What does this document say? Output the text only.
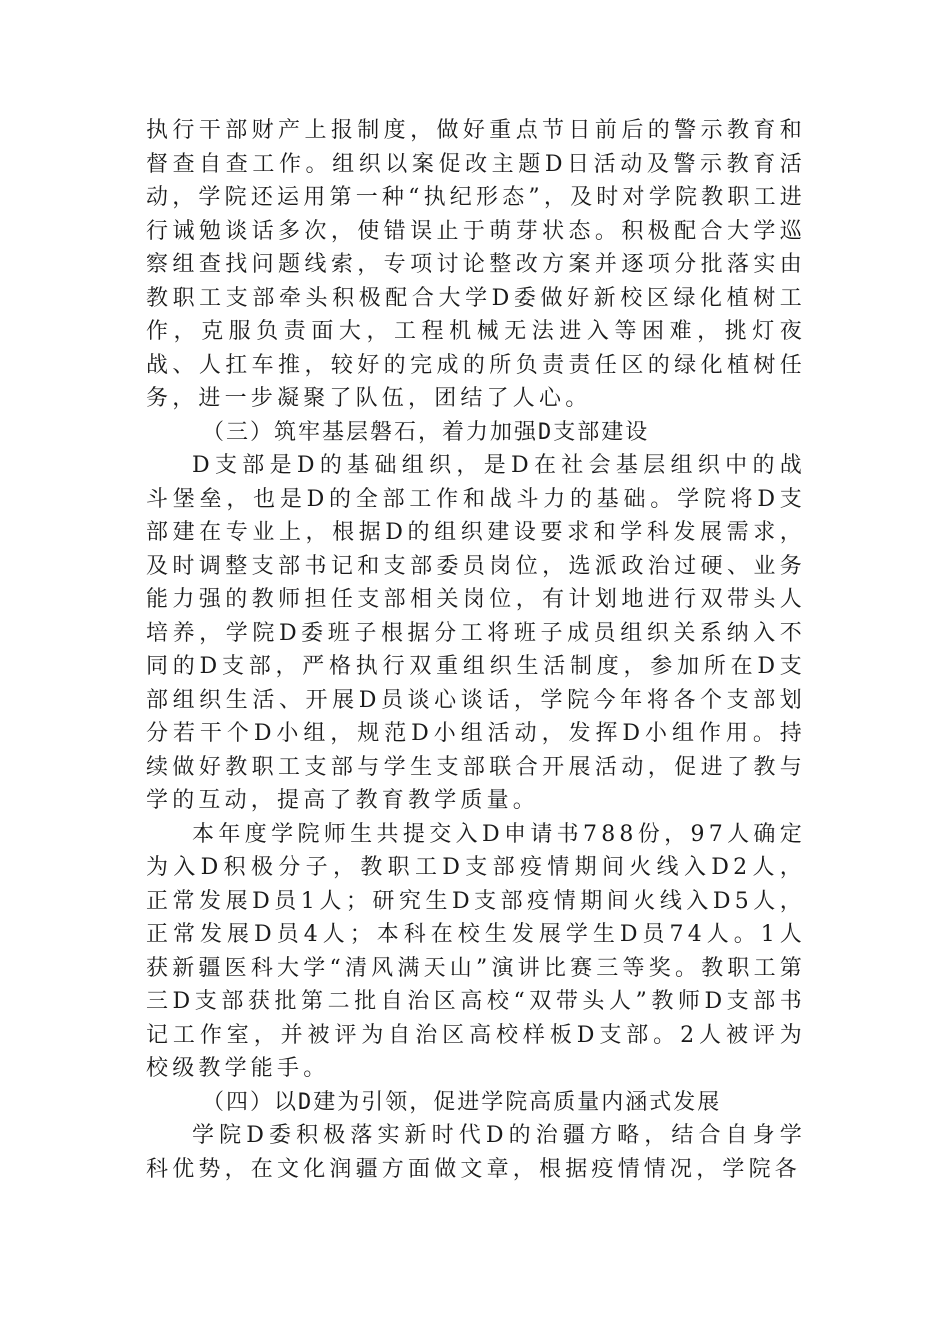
执行干部财产上报制度，做好重点节日前后的警示教育和督查自查工作。组织以案促改主题D日活动及警示教育活动，学院还运用第一种“执纪形态”，及时对学院教职工进行诫勉谈话多次，使错误止于萌芽状态。积极配合大学巡察组查找问题线索，专项讨论整改方案并逐项分批落实由教职工支部牵头积极配合大学D委做好新校区绿化植树工作，克服负责面大，工程机械无法进入等困难，挑灯夜战、人扛车推，较好的完成的所负责责任区的绿化植树任务，进一步凝聚了队伍，团结了人心。

（三）筑牢基层磐石，着力加强D支部建设

D支部是D的基础组织，是D在社会基层组织中的战斗堡垒，也是D的全部工作和战斗力的基础。学院将D支部建在专业上，根据D的组织建设要求和学科发展需求，及时调整支部书记和支部委员岗位，选派政治过硬、业务能力强的教师担任支部相关岗位，有计划地进行双带头人培养，学院D委班子根据分工将班子成员组织关系纳入不同的D支部，严格执行双重组织生活制度，参加所在D支部组织生活、开展D员谈心谈话，学院今年将各个支部划分若干个D小组，规范D小组活动，发挥D小组作用。持续做好教职工支部与学生支部联合开展活动，促进了教与学的互动，提高了教育教学质量。

本年度学院师生共提交入D申请书788份，97人确定为入D积极分子，教职工D支部疫情期间火线入D2人，正常发展D员1人；研究生D支部疫情期间火线入D5人，正常发展D员4人；本科在校生发展学生D员74人。1人获新疆医科大学“清风满天山”演讲比赛三等奖。教职工第三D支部获批第二批自治区高校“双带头人”教师D支部书记工作室，并被评为自治区高校样板D支部。2人被评为校级教学能手。

（四）以D建为引领，促进学院高质量内涵式发展

学院D委积极落实新时代D的治疆方略，结合自身学科优势，在文化润疆方面做文章，根据疫情情况，学院各
